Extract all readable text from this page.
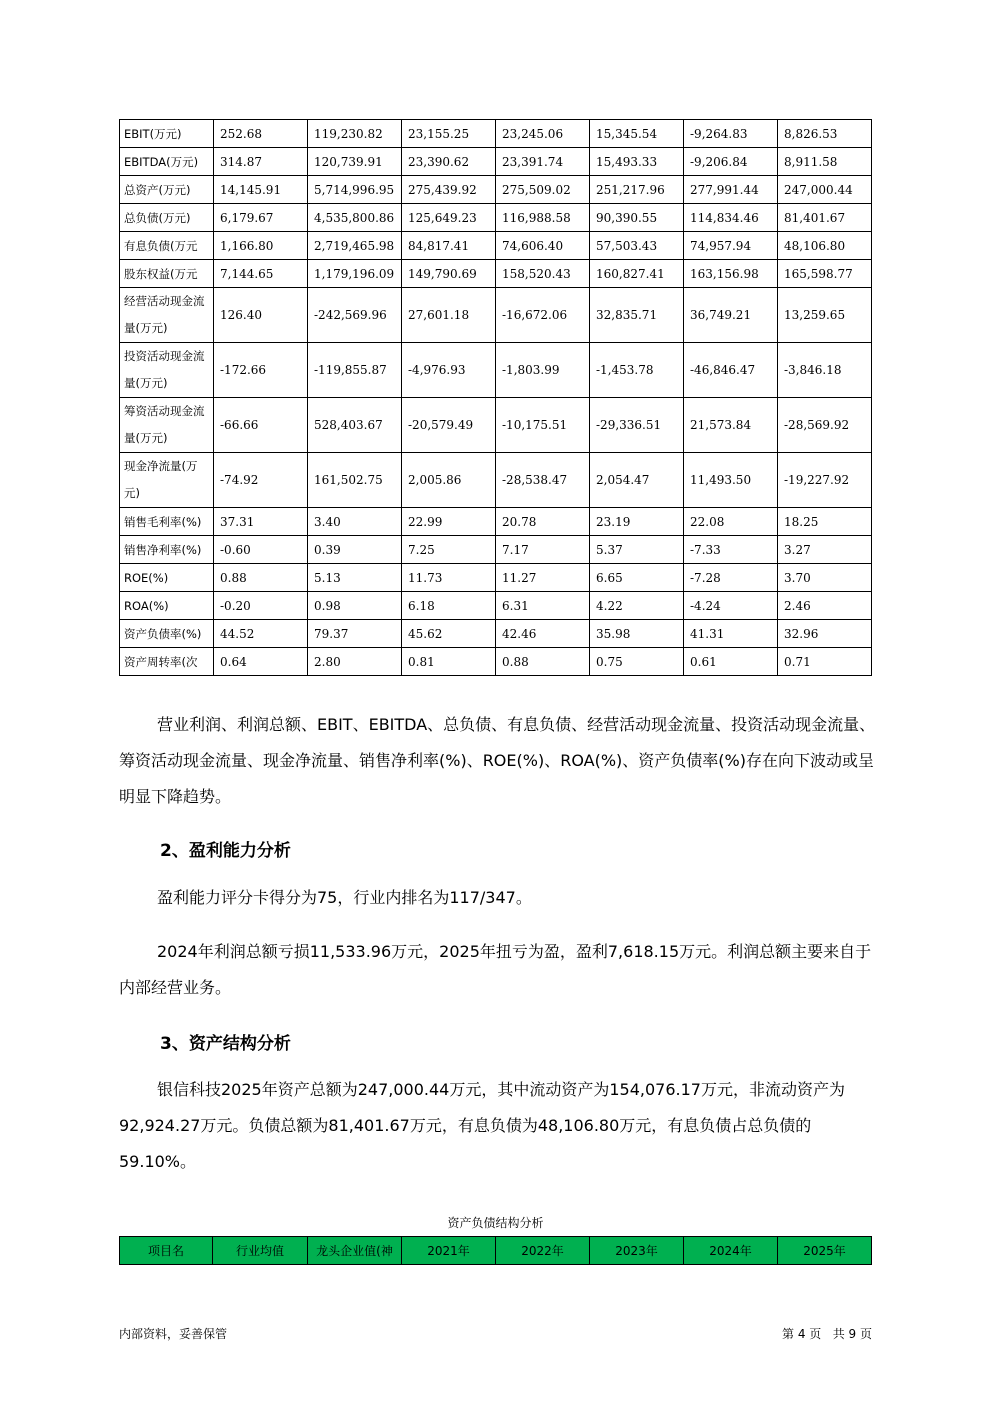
EBIT(万元)	252.68	119,230.82	23,155.25	23,245.06	15,345.54	-9,264.83	8,826.53
EBITDA(万元)	314.87	120,739.91	23,390.62	23,391.74	15,493.33	-9,206.84	8,911.58
总资产(万元)	14,145.91	5,714,996.95	275,439.92	275,509.02	251,217.96	277,991.44	247,000.44
总负债(万元)	6,179.67	4,535,800.86	125,649.23	116,988.58	90,390.55	114,834.46	81,401.67
有息负债(万元	1,166.80	2,719,465.98	84,817.41	74,606.40	57,503.43	74,957.94	48,106.80
股东权益(万元	7,144.65	1,179,196.09	149,790.69	158,520.43	160,827.41	163,156.98	165,598.77
经营活动现金流量(万元)	126.40	-242,569.96	27,601.18	-16,672.06	32,835.71	36,749.21	13,259.65
投资活动现金流量(万元)	-172.66	-119,855.87	-4,976.93	-1,803.99	-1,453.78	-46,846.47	-3,846.18
筹资活动现金流量(万元)	-66.66	528,403.67	-20,579.49	-10,175.51	-29,336.51	21,573.84	-28,569.92
现金净流量(万元)	-74.92	161,502.75	2,005.86	-28,538.47	2,054.47	11,493.50	-19,227.92
销售毛利率(%)	37.31	3.40	22.99	20.78	23.19	22.08	18.25
销售净利率(%)	-0.60	0.39	7.25	7.17	5.37	-7.33	3.27
ROE(%)	0.88	5.13	11.73	11.27	6.65	-7.28	3.70
ROA(%)	-0.20	0.98	6.18	6.31	4.22	-4.24	2.46
资产负债率(%)	44.52	79.37	45.62	42.46	35.98	41.31	32.96
资产周转率(次	0.64	2.80	0.81	0.88	0.75	0.61	0.71
营业利润、利润总额、EBIT、EBITDA、总负债、有息负债、经营活动现金流量、投资活动现金流量、筹资活动现金流量、现金净流量、销售净利率(%)、ROE(%)、ROA(%)、资产负债率(%)存在向下波动或呈明显下降趋势。
2、盈利能力分析
盈利能力评分卡得分为75，行业内排名为117/347。
2024年利润总额亏损11,533.96万元，2025年扭亏为盈，盈利7,618.15万元。利润总额主要来自于内部经营业务。
3、资产结构分析
银信科技2025年资产总额为247,000.44万元，其中流动资产为154,076.17万元，非流动资产为92,924.27万元。负债总额为81,401.67万元，有息负债为48,106.80万元，有息负债占总负债的59.10%。
资产负债结构分析
项目名	行业均值	龙头企业值(神	2021年	2022年	2023年	2024年	2025年
内部资料，妥善保管	第 4 页   共 9 页
